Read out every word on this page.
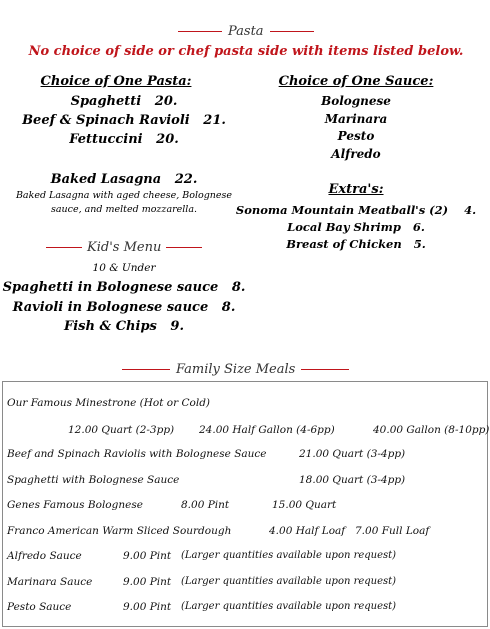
Pasta
No choice of side or chef pasta side with items listed below.
Choice of One Pasta:
Spaghetti   20.
Beef & Spinach Ravioli   21.
Fettuccini   20.
Baked Lasagna   22.
Baked Lasagna with aged cheese, Bolognese
sauce, and melted mozzarella.
Choice of One Sauce:
Bolognese
Marinara
Pesto
Alfredo
Extra's:
Sonoma Mountain Meatball's (2)    4.
Local Bay Shrimp   6.
Breast of Chicken   5.
Kid's Menu
10 & Under
Spaghetti in Bolognese sauce   8.
Ravioli in Bolognese sauce   8.
Fish & Chips   9.
Family Size Meals
Our Famous Minestrone (Hot or Cold)
12.00 Quart (2-3pp) 24.00 Half Gallon (4-6pp)	40.00 Gallon (8-10pp)
Beef and Spinach Raviolis with Bolognese Sauce	21.00 Quart (3-4pp)
Spaghetti with Bolognese Sauce	18.00 Quart (3-4pp)
Genes Famous Bolognese	8.00 Pint	15.00 Quart
Franco American Warm Sliced Sourdough	4.00 Half Loaf 7.00 Full Loaf
Alfredo Sauce	9.00 Pint (Larger quantities available upon request)
Marinara Sauce	9.00 Pint (Larger quantities available upon request)
Pesto Sauce	9.00 Pint (Larger quantities available upon request)
